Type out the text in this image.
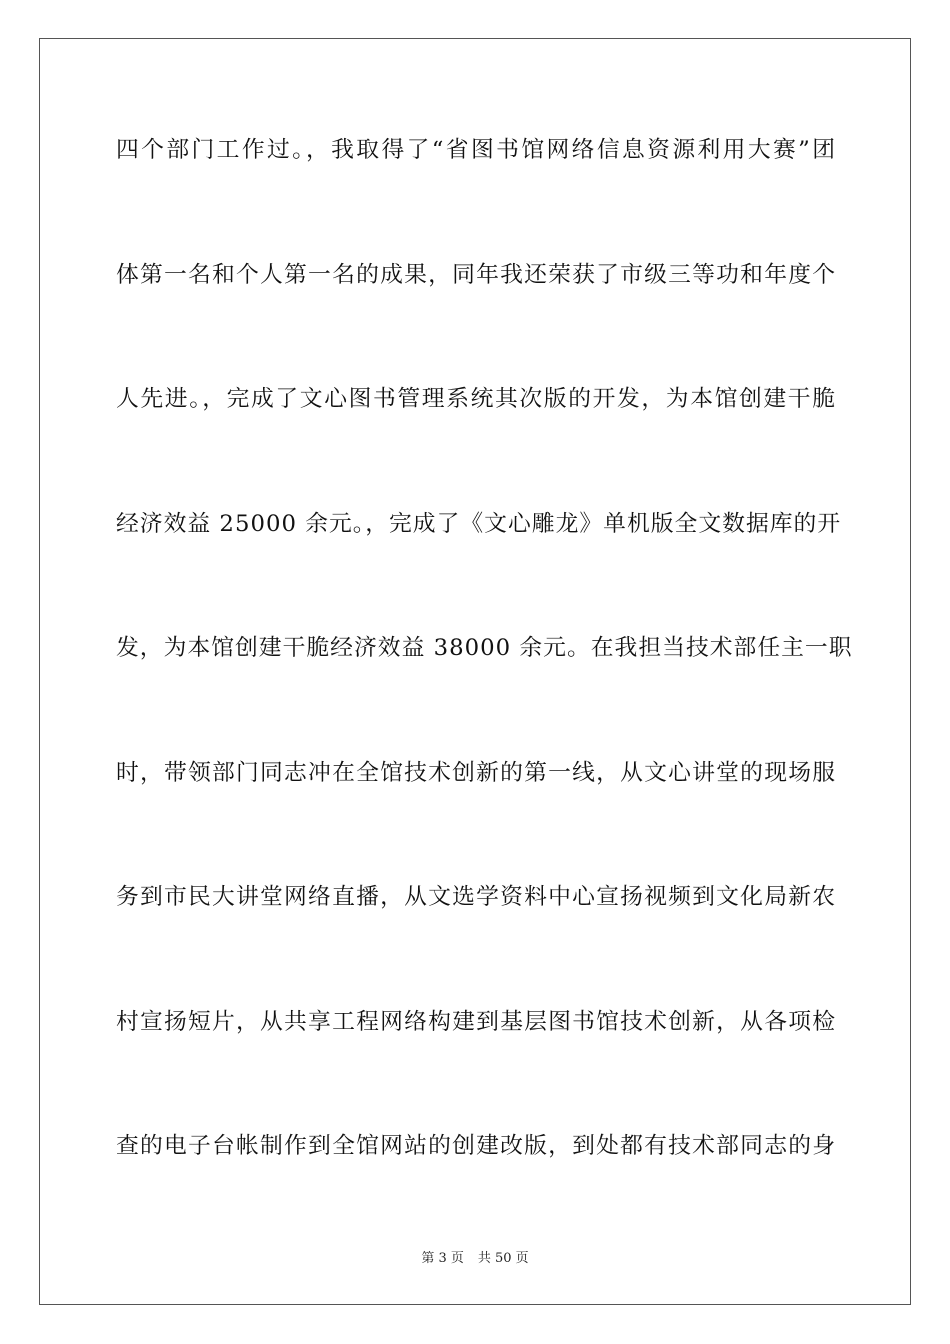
四个部门工作过。，我取得了“省图书馆网络信息资源利用大赛”团
体第一名和个人第一名的成果，同年我还荣获了市级三等功和年度个
人先进。，完成了文心图书管理系统其次版的开发，为本馆创建干脆
经济效益 25000 余元。，完成了《文心雕龙》单机版全文数据库的开
发，为本馆创建干脆经济效益 38000 余元。在我担当技术部任主一职
时，带领部门同志冲在全馆技术创新的第一线，从文心讲堂的现场服
务到市民大讲堂网络直播，从文选学资料中心宣扬视频到文化局新农
村宣扬短片，从共享工程网络构建到基层图书馆技术创新，从各项检
查的电子台帐制作到全馆网站的创建改版，到处都有技术部同志的身
第 3 页 共 50 页
